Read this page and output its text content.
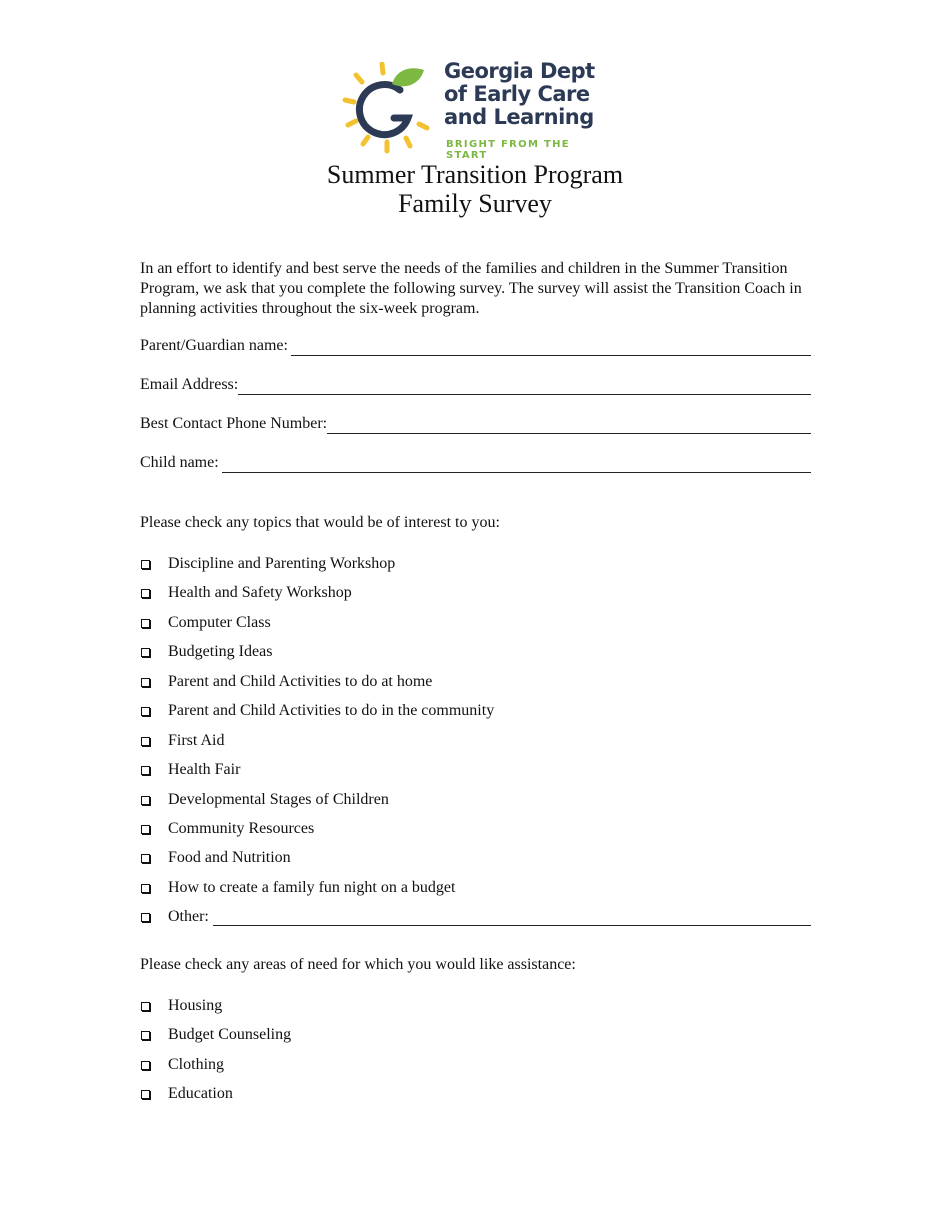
Georgia Dept
of Early Care
and Learning
BRIGHT FROM THE START
Summer Transition Program
Family Survey
In an effort to identify and best serve the needs of the families and children in the Summer Transition Program, we ask that you complete the following survey. The survey will assist the Transition Coach in planning activities throughout the six-week program.
Parent/Guardian name:
Email Address:
Best Contact Phone Number:
Child name:
Please check any topics that would be of interest to you:
Discipline and Parenting Workshop
Health and Safety Workshop
Computer Class
Budgeting Ideas
Parent and Child Activities to do at home
Parent and Child Activities to do in the community
First Aid
Health Fair
Developmental Stages of Children
Community Resources
Food and Nutrition
How to create a family fun night on a budget
Other:
Please check any areas of need for which you would like assistance:
Housing
Budget Counseling
Clothing
Education
